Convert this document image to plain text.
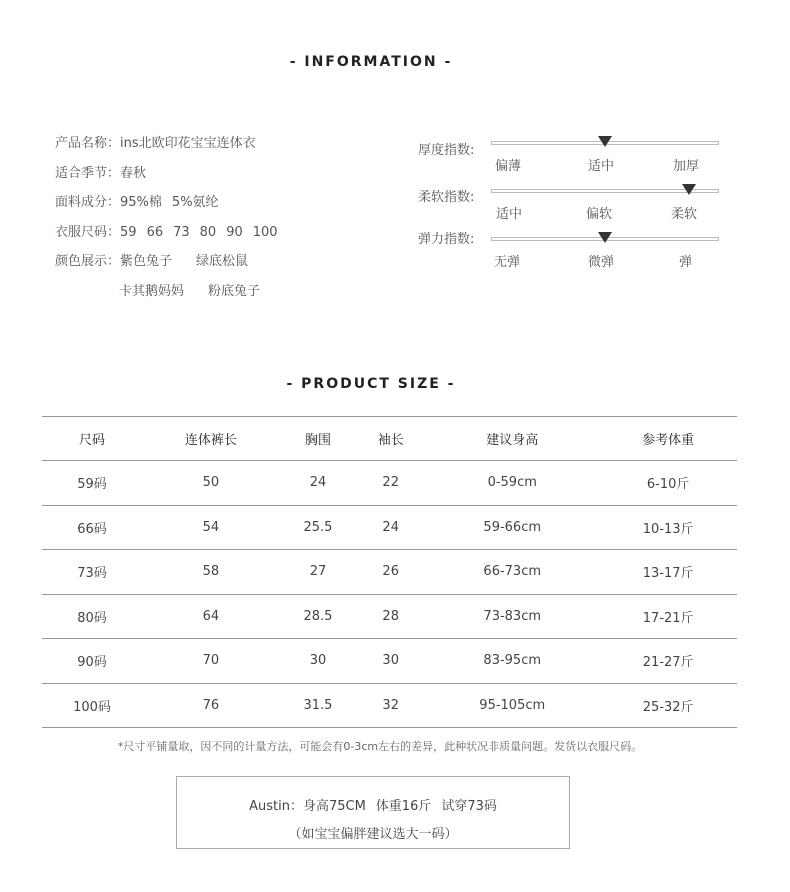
- INFORMATION -
产品名称：ins北欧印花宝宝连体衣
适合季节：春秋
面料成分：95%棉 5%氨纶
衣服尺码：59 66 73 80 90 100
颜色展示：紫色兔子 绿底松鼠
卡其鹅妈妈 粉底兔子
厚度指数:
偏薄	适中	加厚
柔软指数:
适中	偏软	柔软
弹力指数:
无弹	微弹	弹
- PRODUCT SIZE -
尺码	连体裤长	胸围	袖长	建议身高	参考体重
59码	50	24	22	0-59cm	6-10斤
66码	54	25.5	24	59-66cm	10-13斤
73码	58	27	26	66-73cm	13-17斤
80码	64	28.5	28	73-83cm	17-21斤
90码	70	30	30	83-95cm	21-27斤
100码	76	31.5	32	95-105cm	25-32斤
*尺寸平铺量取，因不同的计量方法，可能会有0-3cm左右的差异，此种状况非质量问题。发货以衣服尺码。
Austin：身高75CM 体重16斤 试穿73码
（如宝宝偏胖建议选大一码）
